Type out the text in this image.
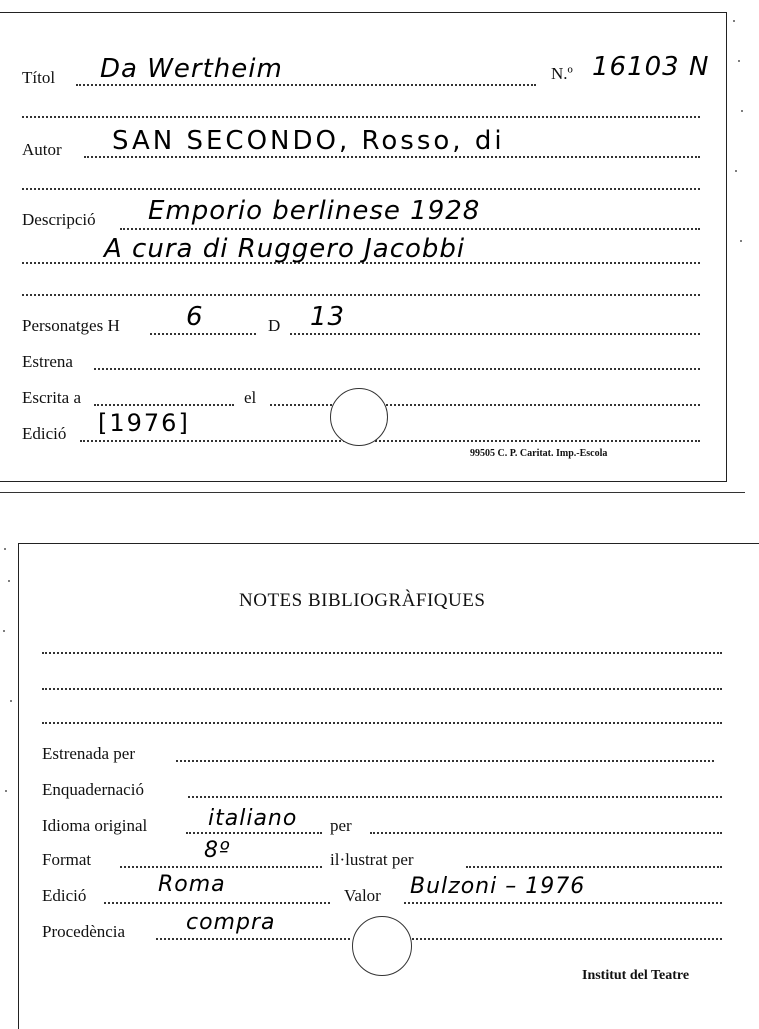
Títol Da Wertheim	N.º 16103 N
Autor SAN SECONDO, Rosso, di
Descripció Emporio berlinese 1928
A cura di Ruggero Jacobbi
Personatges H	6	D 13
Estrena
Escrita a	el
Edició [1976]
99505 C. P. Caritat. Imp.-Escola
NOTES BIBLIOGRÀFIQUES
Estrenada per
Enquadernació
Idioma original	italiano per
Format	8º	il·lustrat per
Edició	Roma	Valor Bulzoni – 1976
Procedència	compra
Institut del Teatre
